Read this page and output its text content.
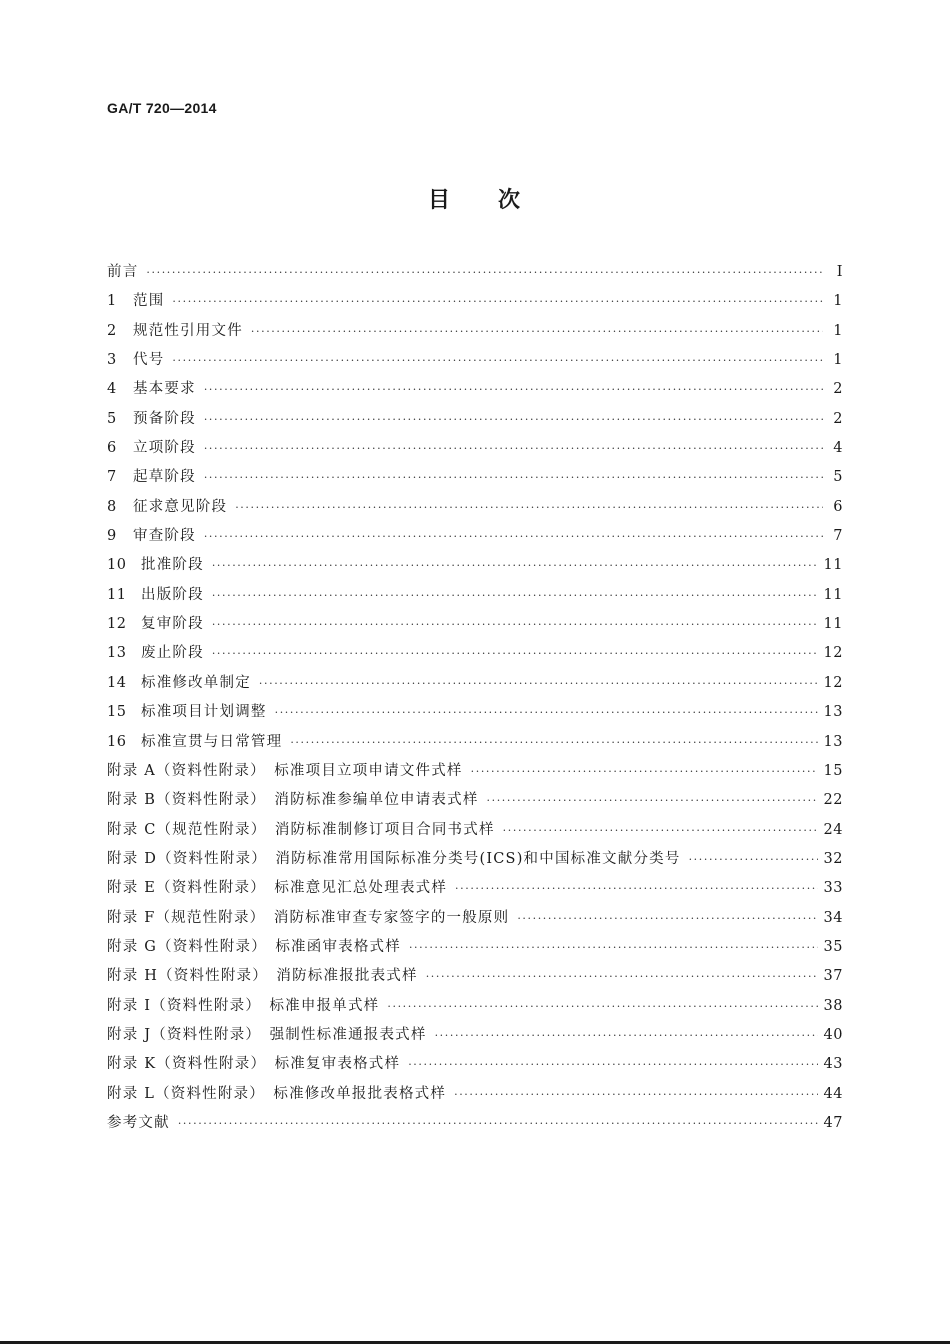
GA/T 720—2014
目 次
前言 ·····	Ⅰ
1	范围 ·····	1
2	规范性引用文件 ·····	1
3	代号 ·····	1
4	基本要求 ·····	2
5	预备阶段 ·····	2
6	立项阶段 ·····	4
7	起草阶段 ·····	5
8	征求意见阶段 ·····	6
9	审查阶段 ·····	7
10	批准阶段 ·····	11
11	出版阶段 ·····	11
12	复审阶段 ·····	11
13	废止阶段 ·····	12
14	标准修改单制定 ·····	12
15	标准项目计划调整 ·····	13
16	标准宣贯与日常管理 ·····	13
附录 A（资料性附录）　标准项目立项申请文件式样 ·····	15
附录 B（资料性附录）　消防标准参编单位申请表式样 ·····	22
附录 C（规范性附录）　消防标准制修订项目合同书式样 ·····	24
附录 D（资料性附录）　消防标准常用国际标准分类号(ICS)和中国标准文献分类号 ·····	32
附录 E（资料性附录）　标准意见汇总处理表式样 ·····	33
附录 F（规范性附录）　消防标准审查专家签字的一般原则 ·····	34
附录 G（资料性附录）　标准函审表格式样 ·····	35
附录 H（资料性附录）　消防标准报批表式样 ·····	37
附录 I（资料性附录）　标准申报单式样 ·····	38
附录 J（资料性附录）　强制性标准通报表式样 ·····	40
附录 K（资料性附录）　标准复审表格式样 ·····	43
附录 L（资料性附录）　标准修改单报批表格式样 ·····	44
参考文献 ·····	47
